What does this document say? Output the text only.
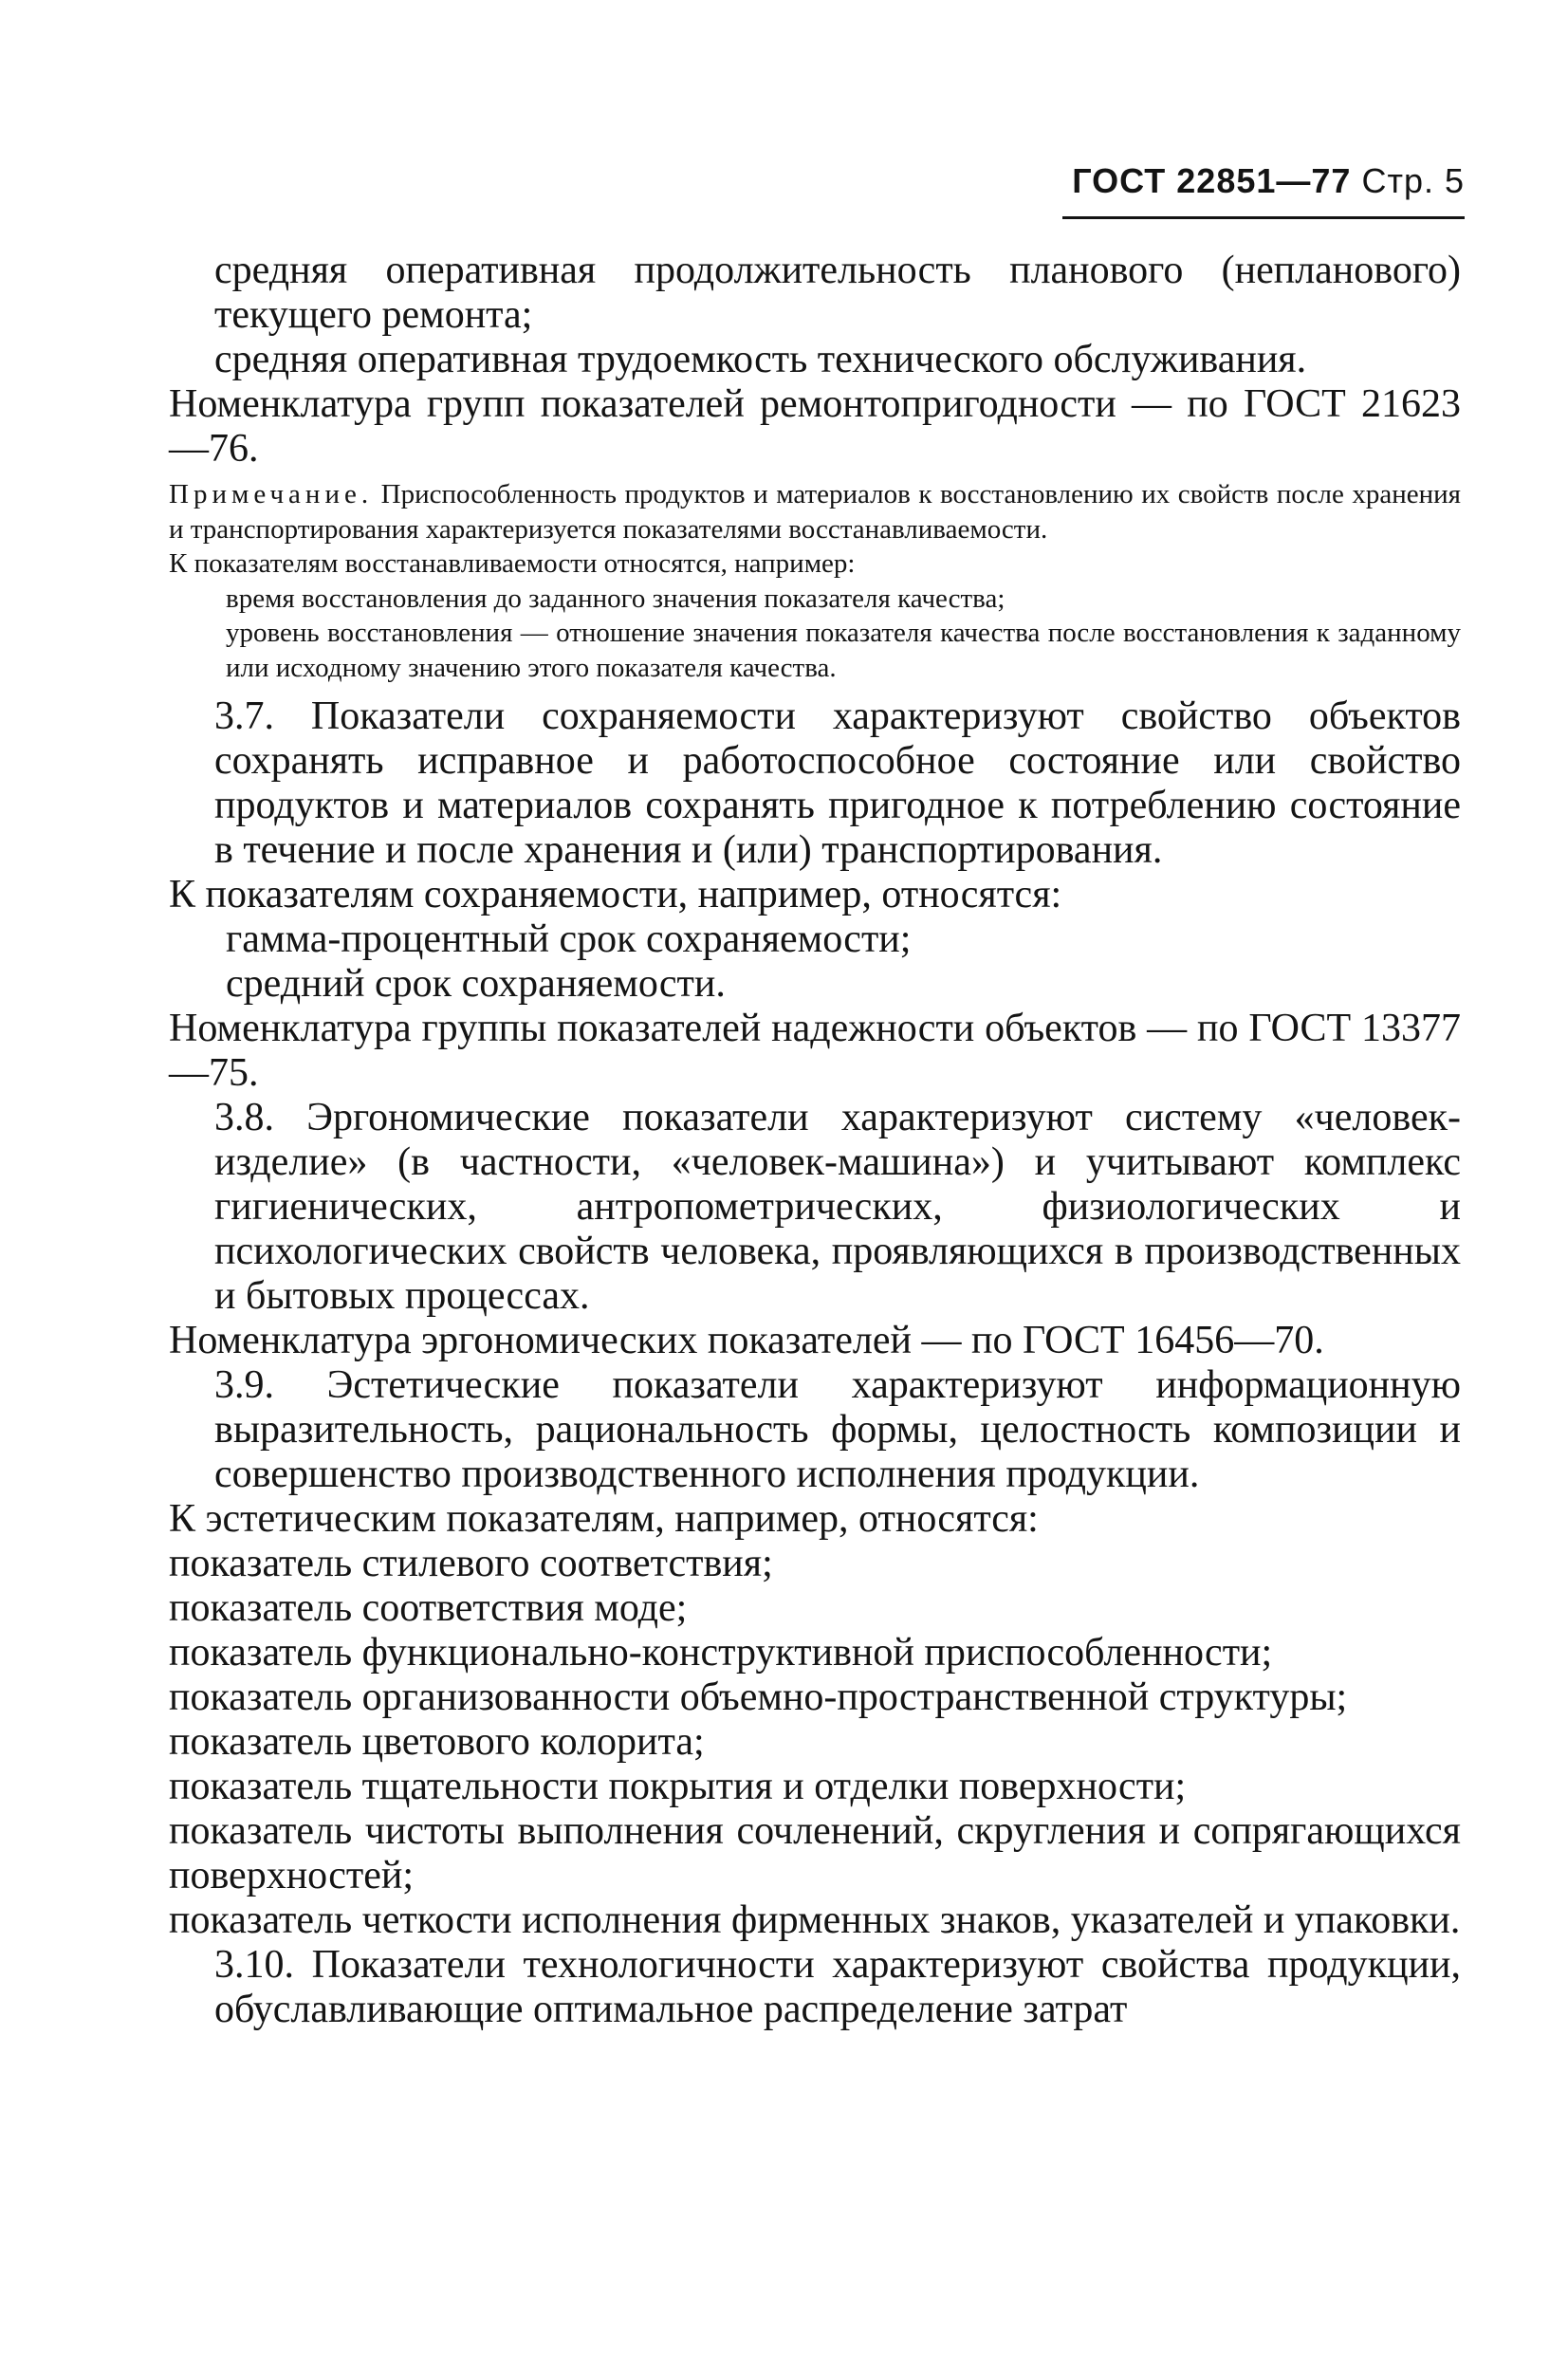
ГОСТ 22851—77 Стр. 5

средняя оперативная продолжительность планового (непланового) текущего ремонта;

средняя оперативная трудоемкость технического обслуживания.

Номенклатура групп показателей ремонтопригодности — по ГОСТ 21623—76.

Примечание. Приспособленность продуктов и материалов к восстановлению их свойств после хранения и транспортирования характеризуется показателями восстанавливаемости.

К показателям восстанавливаемости относятся, например:

время восстановления до заданного значения показателя качества;

уровень восстановления — отношение значения показателя качества после восстановления к заданному или исходному значению этого показателя качества.

3.7. Показатели сохраняемости характеризуют свойство объектов сохранять исправное и работоспособное состояние или свойство продуктов и материалов сохранять пригодное к потреблению состояние в течение и после хранения и (или) транспортирования.

К показателям сохраняемости, например, относятся:

гамма-процентный срок сохраняемости;

средний срок сохраняемости.

Номенклатура группы показателей надежности объектов — по ГОСТ 13377—75.

3.8. Эргономические показатели характеризуют систему «человек-изделие» (в частности, «человек-машина») и учитывают комплекс гигиенических, антропометрических, физиологических и психологических свойств человека, проявляющихся в производственных и бытовых процессах.

Номенклатура эргономических показателей — по ГОСТ 16456—70.

3.9. Эстетические показатели характеризуют информационную выразительность, рациональность формы, целостность композиции и совершенство производственного исполнения продукции.

К эстетическим показателям, например, относятся:

показатель стилевого соответствия;

показатель соответствия моде;

показатель функционально-конструктивной приспособленности;

показатель организованности объемно-пространственной структуры;

показатель цветового колорита;

показатель тщательности покрытия и отделки поверхности;

показатель чистоты выполнения сочленений, скругления и сопрягающихся поверхностей;

показатель четкости исполнения фирменных знаков, указателей и упаковки.

3.10. Показатели технологичности характеризуют свойства продукции, обуславливающие оптимальное распределение затрат
